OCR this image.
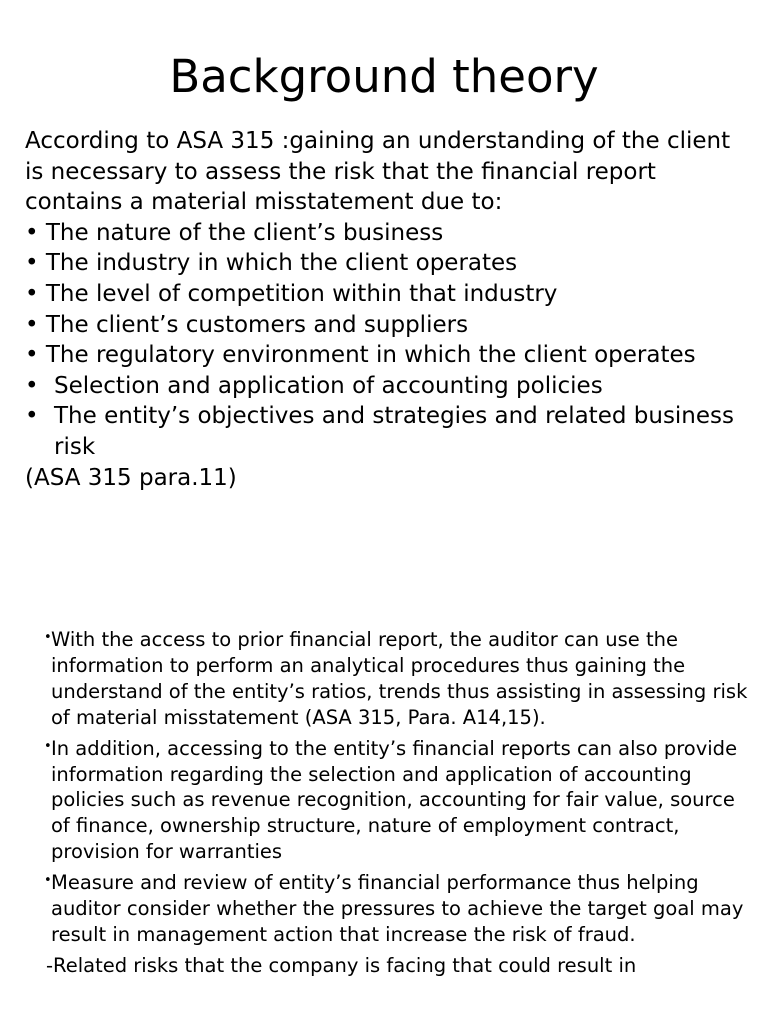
Background theory

According to ASA 315 :gaining an understanding of the client is necessary to assess the risk that the financial report contains a material misstatement due to:

• The nature of the client’s business
• The industry in which the client operates
• The level of competition within that industry
• The client’s customers and suppliers
• The regulatory environment in which the client operates
• Selection and application of accounting policies
• The entity’s objectives and strategies and related business risk

(ASA 315 para.11)

• With the access to prior financial report, the auditor can use the information to perform an analytical procedures thus gaining the understand of the entity’s ratios, trends thus assisting in assessing risk of material misstatement (ASA 315, Para. A14,15).
• In addition, accessing to the entity’s financial reports can also provide information regarding the selection and application of accounting policies such as revenue recognition, accounting for fair value, source of finance, ownership structure, nature of employment contract, provision for warranties
• Measure and review of entity’s financial performance thus helping auditor consider whether the pressures to achieve the target goal may result in management action that increase the risk of fraud.

-Related risks that the company is facing that could result in
